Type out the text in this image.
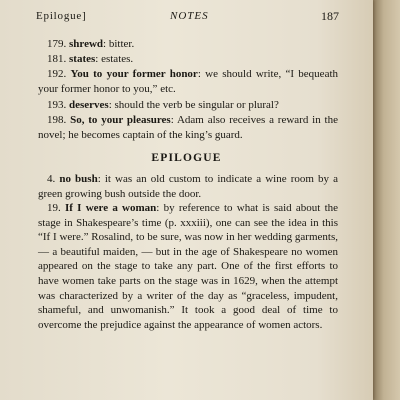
Epilogue]	NOTES	187

179. shrewd: bitter.

181. states: estates.

192. You to your former honor: we should write, “I bequeath your former honor to you,” etc.

193. deserves: should the verb be singular or plural?

198. So, to your pleasures: Adam also receives a reward in the novel; he becomes captain of the king’s guard.

EPILOGUE

4. no bush: it was an old custom to indicate a wine room by a green growing bush outside the door.

19. If I were a woman: by reference to what is said about the stage in Shakespeare’s time (p. xxxiii), one can see the idea in this “If I were.” Rosalind, to be sure, was now in her wedding garments, — a beautiful maiden, — but in the age of Shakespeare no women appeared on the stage to take any part. One of the first efforts to have women take parts on the stage was in 1629, when the attempt was characterized by a writer of the day as “graceless, impudent, shameful, and unwomanish.” It took a good deal of time to overcome the prejudice against the appearance of women actors.
